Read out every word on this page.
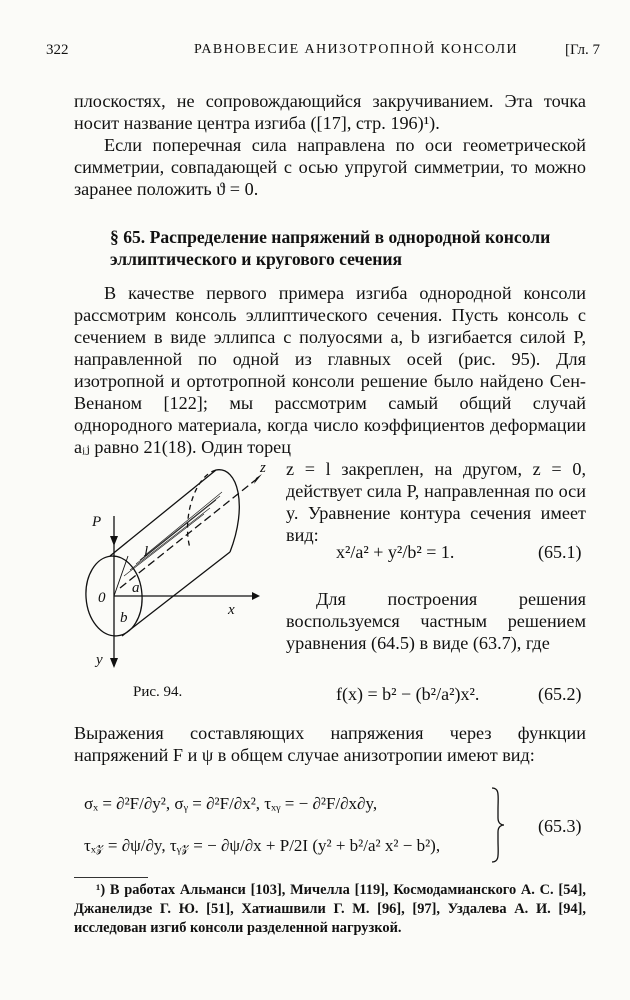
322	РАВНОВЕСИЕ АНИЗОТРОПНОЙ КОНСОЛИ	[Гл. 7
плоскостях, не сопровождающийся закручиванием. Эта точка носит название центра изгиба ([17], стр. 196)¹).
Если поперечная сила направлена по оси геометрической симметрии, совпадающей с осью упругой симметрии, то можно заранее положить ϑ = 0.
§ 65. Распределение напряжений в однородной консоли эллиптического и кругового сечения
В качестве первого примера изгиба однородной консоли рассмотрим консоль эллиптического сечения. Пусть консоль с сечением в виде эллипса с полуосями a, b изгибается силой P, направленной по одной из главных осей (рис. 95). Для изотропной и ортотропной консоли решение было найдено Сен-Венаном [122]; мы рассмотрим самый общий случай однородного материала, когда число коэффициентов деформации aᵢⱼ равно 21(18). Один торец
z = l закреплен, на другом, z = 0, действует сила P, направленная по оси y. Уравнение контура сечения имеет вид:
x²/a² + y²/b² = 1.	(65.1)
Для построения решения воспользуемся частным решением уравнения (64.5) в виде (63.7), где
f(x) = b² − (b²/a²)x².	(65.2)
P
z
l
0
a
b	x
y
Рис. 94.
Выражения составляющих напряжения через функции напряжений F и ψ в общем случае анизотропии имеют вид:
σₓ = ∂²F/∂y², σᵧ = ∂²F/∂x², τₓᵧ = − ∂²F/∂x∂y,
τₓ𝓏 = ∂ψ/∂y, τᵧ𝓏 = − ∂ψ/∂x + P/2I (y² + b²/a² x² − b²),
(65.3)
¹) В работах Альманси [103], Мичелла [119], Космодамианского А. С. [54], Джанелидзе Г. Ю. [51], Хатиашвили Г. М. [96], [97], Уздалева А. И. [94], исследован изгиб консоли разделенной нагрузкой.
